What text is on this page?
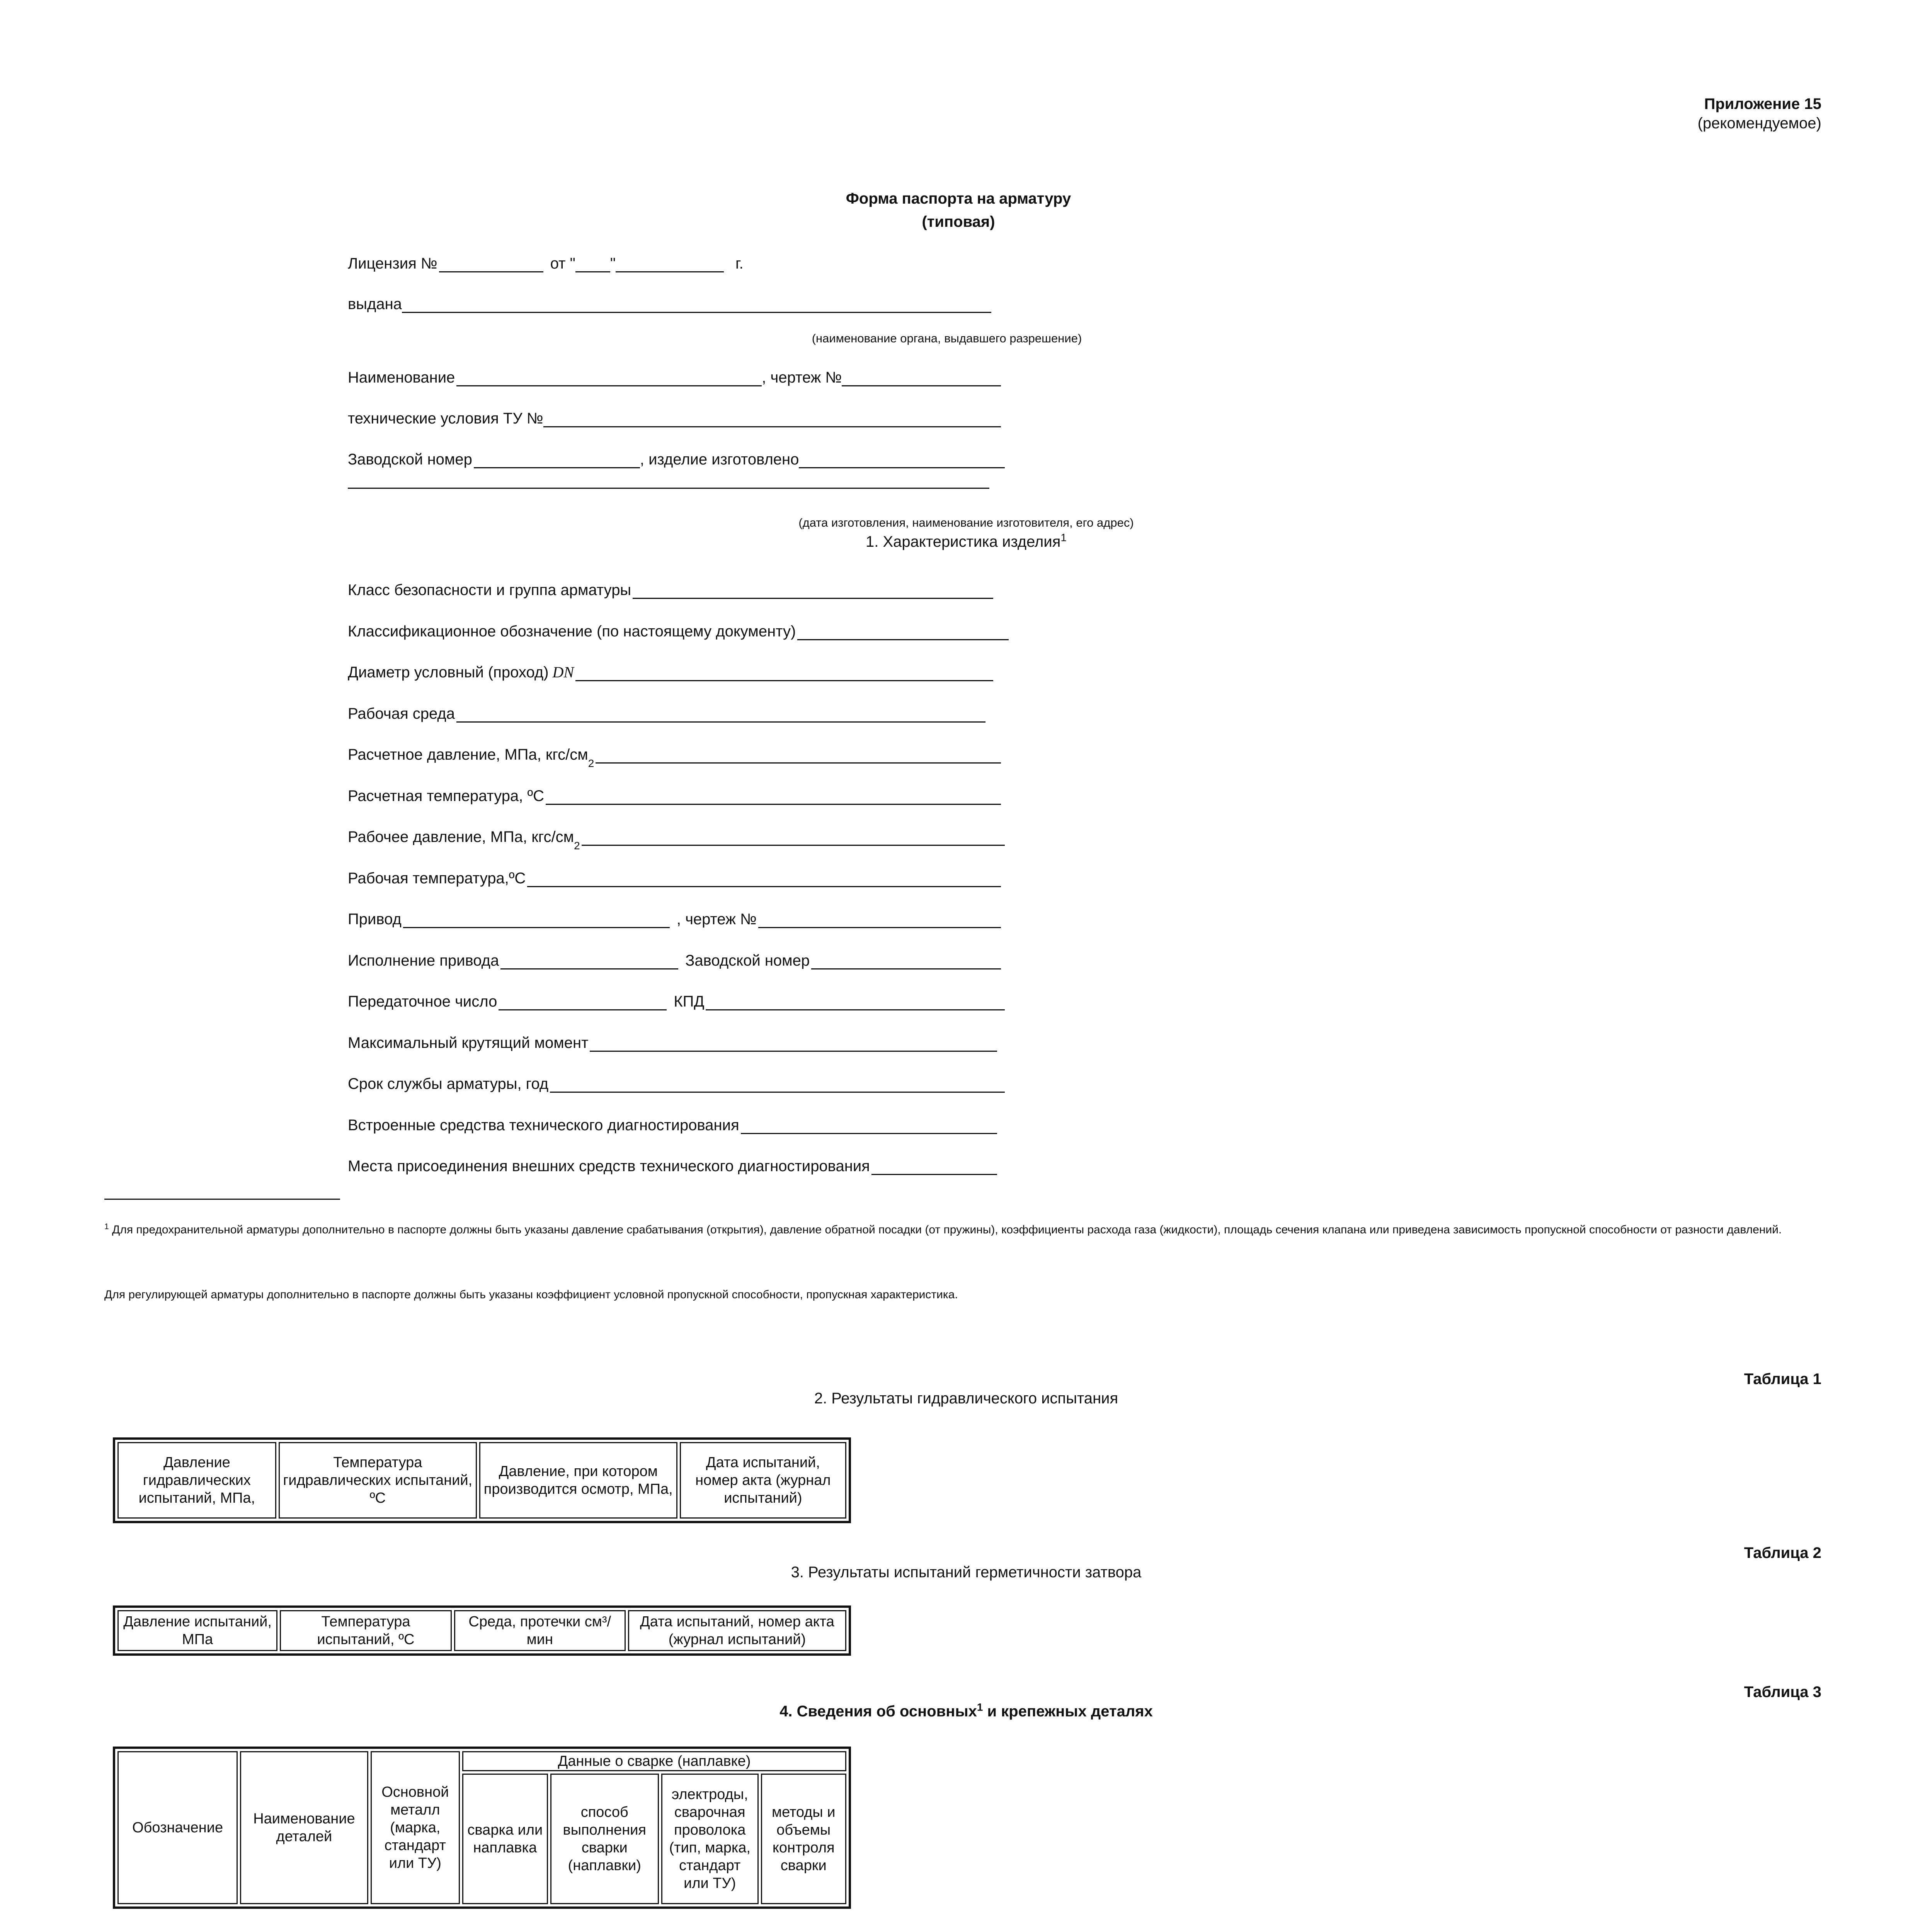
Приложение 15
(рекомендуемое)
Форма паспорта на арматуру
(типовая)
Лицензия №	от " "	г.
выдана
(наименование органа, выдавшего разрешение)
Наименование	, чертеж №
технические условия ТУ №
Заводской номер	, изделие изготовлено
(дата изготовления, наименование изготовителя, его адрес)
1. Характеристика изделия$^1$
Класс безопасности и группа арматуры
Классификационное обозначение (по настоящему документу)
Диаметр условный (проход) DN
Рабочая среда
Расчетное давление, МПа, кгс/см
2
Расчетная температура, ºС
Рабочее давление, МПа, кгс/см
2
Рабочая температура,ºС
Привод	, чертеж №
Исполнение привода	Заводской номер
Передаточное число	КПД
Максимальный крутящий момент
Срок службы арматуры, год
Встроенные средства технического диагностирования
Места присоединения внешних средств технического диагностирования
$^1$ Для предохранительной арматуры дополнительно в паспорте должны быть указаны давление срабатывания (открытия), давление обратной посадки (от пружины), коэффициенты расхода газа (жидкости), площадь сечения клапана или приведена зависимость пропускной способности от разности давлений.
Для регулирующей арматуры дополнительно в паспорте должны быть указаны коэффициент условной пропускной способности, пропускная характеристика.
Таблица 1
2. Результаты гидравлического испытания
Давление гидравлических испытаний, МПа,	Температура гидравлических испытаний, ºС	Давление, при котором производится осмотр, МПа,	Дата испытаний, номер акта (журнал испытаний)
Таблица 2
3. Результаты испытаний герметичности затвора
Давление испытаний, МПа	Температура испытаний, ºС	Среда, протечки см³/мин	Дата испытаний, номер акта (журнал испытаний)
Таблица 3
4. Сведения об основных$^1$ и крепежных деталях
Обозначение	Наименование деталей	Основной металл (марка, стандарт или ТУ)	Данные о сварке (наплавке)			
			сварка или наплавка	способ выполнения сварки (наплавки)	электроды, сварочная проволока (тип, марка, стандарт или ТУ)	методы и объемы контроля сварки
